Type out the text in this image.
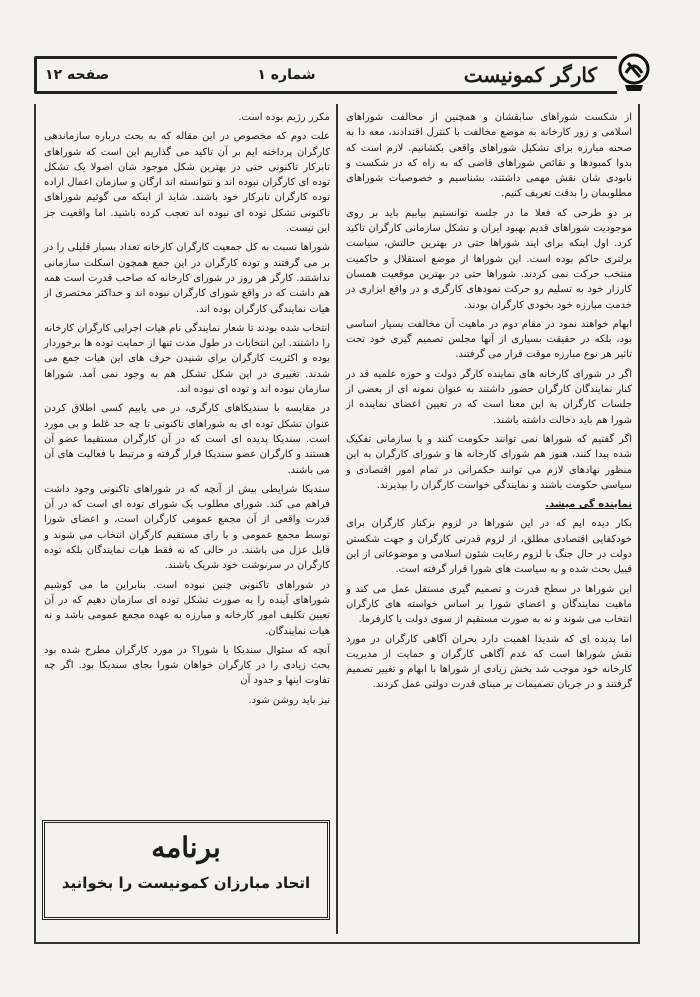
کارگر کمونیست
شماره ۱
صفحه ۱۲

از شکست شوراهای سابقشان و همچنین از محالفت شوراهای اسلامی و زور کارخانه به موضع مخالفت با کنترل اقتدادند، معه دا به صحنه مبارزه برای تشکیل شوراهای واقعی بکشانیم. لازم است که بدوا کمبودها و نقائص شوراهای قاضی که به راه که در شکست و نابودی شان نقش مهمی داشتند، بشناسیم و خصوصیات شوراهای مطلوبمان را بدقت تعریف کنیم.

بر دو طرحی که فعلا ما در جلسه توانستیم بیابیم باید بر روی موجودیت شوراهای قدیم بهبود ایران و تشکل سازمانی کارگران تاکید کرد. اول اینکه برای ایند شوراها حتی در بهترین حالتش، سیاست برلتری حاکم بوده است. این شوراها از موضع استقلال و حاکمیت منتخب حرکت نمی کردند. شوراها حتی در بهترین موقعیت همسان کارزار خود به تسلیم رو حرکت نمودهای کارگری و در واقع ابزاری در خدمت مبارزه خود بخودی کارگران بودند.

ابهام خواهند نمود در مقام دوم در ماهیت آن مخالفت بسیار اساسی بود، بلکه در حقیقت بسیاری از آنها مجلس تصمیم گیری خود تحت تاثیر هر نوع مبارزه موقت قرار می گرفتند.

اگر در شورای کارخانه های نماینده کارگر دولت و حوزه علمیه قد در کنار نمایندگان کارگران حضور داشتند به عنوان نمونه ای از بعضی از جلسات کارگران به این معنا است که در تعیین اعضای نماینده از شورا هم باید دخالت داشته باشند.

اگر گفتیم که شوراها نمی توانند حکومت کنند و یا سازمانی تفکیک شده پیدا کنند، هنوز هم شورای کارخانه ها و شورای کارگران به این منظور نهادهای لازم می توانند حکمرانی در تمام امور اقتصادی و سیاسی حکومت باشند و نمایندگی خواست کارگران را بپذیرند.

نماینده گی میشد.

بکار دیده ایم که در این شوراها در لزوم برکنار کارگران برای خودکفایی اقتصادی مطلق، از لزوم قدرتی کارگران و جهت شکستن دولت در حال جنگ با لزوم رعایت شئون اسلامی و موضوعاتی از این قبیل بحث شده و به سیاست های شورا قرار گرفته است.

این شوراها در سطح قدرت و تصمیم گیری مستقل عمل می کند و ماهیت نمایندگان و اعضای شورا بر اساس خواسته های کارگران انتخاب می شوند و نه به صورت مستقیم از سوی دولت یا کارفرما.

اما پدیده ای که شدیدا اهمیت دارد بحران آگاهی کارگران در مورد نقش شوراها است که عدم آگاهی کارگران و حمایت از مدیریت کارخانه خود موجب شد بخش زیادی از شوراها با ابهام و تغییر تصمیم گرفتند و در جریان تصمیمات بر مبنای قدرت دولتی عمل کردند.

مکرر رژیم بوده است.

علت دوم که مخصوص در این مقاله که به بحث درباره سازماندهی کارگران پرداخته ایم بر آن تاکید می گذاریم این است که شوراهای تابرکار تاکنونی حتی در بهترین شکل موجود شان اصولا یک تشکل توده ای کارگران نبوده اند و نتوانسته اند ارگان و سازمان اعمال اراده توده کارگران تابرکار خود باشند. شاید از اینکه می گوئیم شوراهای تاکنونی تشکل توده ای نبوده اند تعجب کرده باشید. اما واقعیت جز این نیست.

شوراها نسبت به کل جمعیت کارگران کارخانه تعداد بسیار قلیلی را در بر می گرفتند و توده کارگران در این جمع همچون اسکلت سازمانی نداشتند. کارگر هر روز در شورای کارخانه که صاحب قدرت است همه هم داشت که در واقع شورای کارگران نبوده اند و حداکثر مختصری از هیات نمایندگی کارگران بوده اند.

انتخاب شده بودند تا شعار نمایندگی نام هیات اجرایی کارگران کارخانه را داشتند. این انتخابات در طول مدت تنها از حمایت توده ها برخوردار بوده و اکثریت کارگران برای شنیدن حرف های این هیات جمع می شدند. تغییری در این شکل تشکل هم به وجود نمی آمد. شوراها سازمان نبوده اند و توده ای نبوده اند.

در مقایسه با سندیکاهای کارگری، در می یابیم کسی اطلاق کردن عنوان تشکل توده ای به شوراهای تاکنونی تا چه حد غلط و بی مورد است. سندیکا پدیده ای است که در آن کارگران مستقیما عضو آن هستند و کارگران عضو سندیکا قرار گرفته و مرتبط با فعالیت های آن می باشند.

سندیکا شرایطی بیش از آنچه که در شوراهای تاکنونی وجود داشت فراهم می کند. شورای مطلوب یک شورای توده ای است که در آن قدرت واقعی از آن مجمع عمومی کارگران است، و اعضای شورا توسط مجمع عمومی و با رای مستقیم کارگران انتخاب می شوند و قابل عزل می باشند. در حالی که نه فقط هیات نمایندگان بلکه توده کارگران در سرنوشت خود شریک باشند.

در شوراهای تاکنونی چنین نبوده است. بنابراین ما می کوشیم شوراهای آینده را به صورت تشکل توده ای سازمان دهیم که در آن تعیین تکلیف امور کارخانه و مبارزه به عهده مجمع عمومی باشد و نه هیات نمایندگان.

آنچه که سئوال سندیکا یا شورا؟ در مورد کارگران مطرح شده بود بحث زیادی را در کارگران خواهان شورا بجای سندیکا بود. اگر چه تفاوت اینها و حدود آن

نیز باید روشن شود.

برنامه
اتحاد مبارزان کمونیست را بخوانید
